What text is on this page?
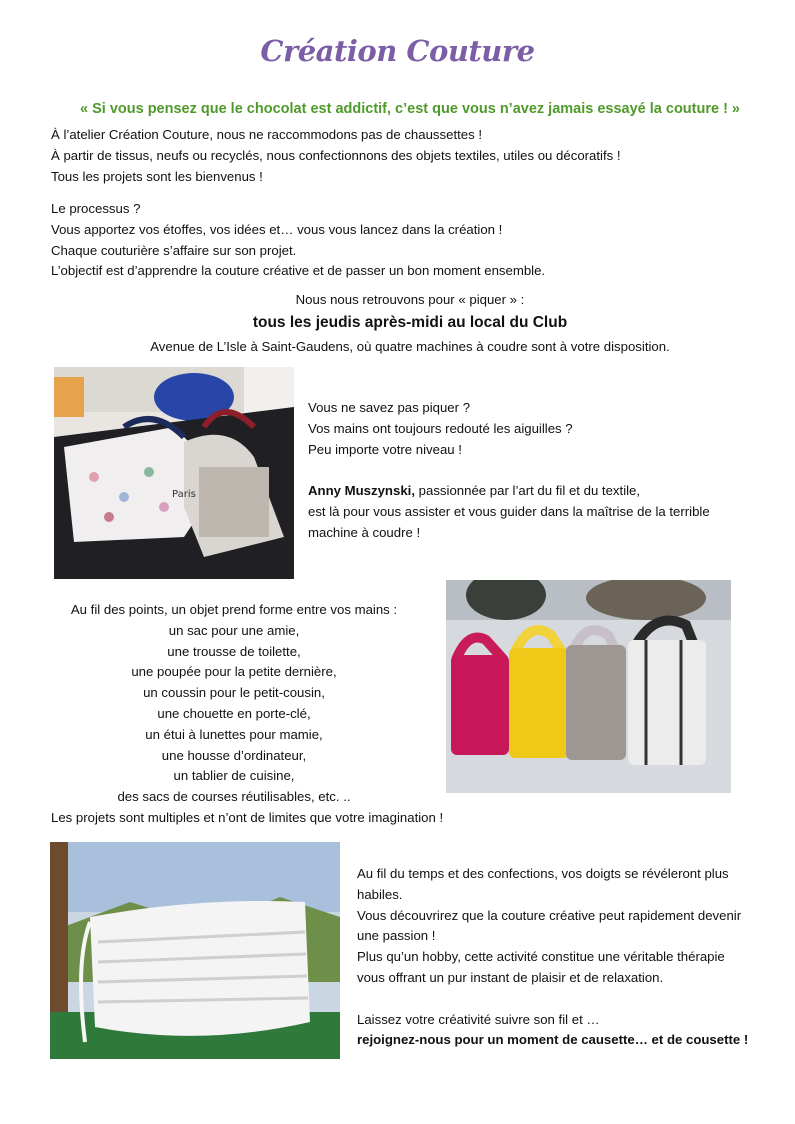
Création Couture
« Si vous pensez que le chocolat est addictif, c’est que vous n’avez jamais essayé la couture ! »
À l’atelier Création Couture, nous ne raccommodons pas de chaussettes !
À partir de tissus, neufs ou recyclés, nous confectionnons des objets textiles, utiles ou décoratifs !
Tous les projets sont les bienvenus !
Le processus ?
Vous apportez vos étoffes, vos idées et… vous vous lancez dans la création !
Chaque couturière s’affaire sur son projet.
L’objectif est d’apprendre la couture créative et de passer un bon moment ensemble.
Nous nous retrouvons pour « piquer » :
tous les jeudis après-midi au local du Club
Avenue de L’Isle à Saint-Gaudens, où quatre machines à coudre sont à votre disposition.
Paris
Vous ne savez pas piquer ?
Vos mains ont toujours redouté les aiguilles ?
Peu importe votre niveau !
Anny Muszynski, passionnée par l’art du fil et du textile,
est là pour vous assister et vous guider dans la maîtrise de la terrible
machine à coudre !
Au fil des points, un objet prend forme entre vos mains :
un sac pour une amie,
une trousse de toilette,
une poupée pour la petite dernière,
un coussin pour le petit-cousin,
une chouette en porte-clé,
un étui à lunettes pour mamie,
une housse d’ordinateur,
un tablier de cuisine,
des sacs de courses réutilisables, etc. ..
Les projets sont multiples et n’ont de limites que votre imagination !
Au fil du temps et des confections, vos doigts se révéleront plus
habiles.
Vous découvrirez que la couture créative peut rapidement devenir
une passion !
Plus qu’un hobby, cette activité constitue une véritable thérapie
vous offrant un pur instant de plaisir et de relaxation.
Laissez votre créativité suivre son fil et …
rejoignez-nous pour un moment de causette… et de cousette !
